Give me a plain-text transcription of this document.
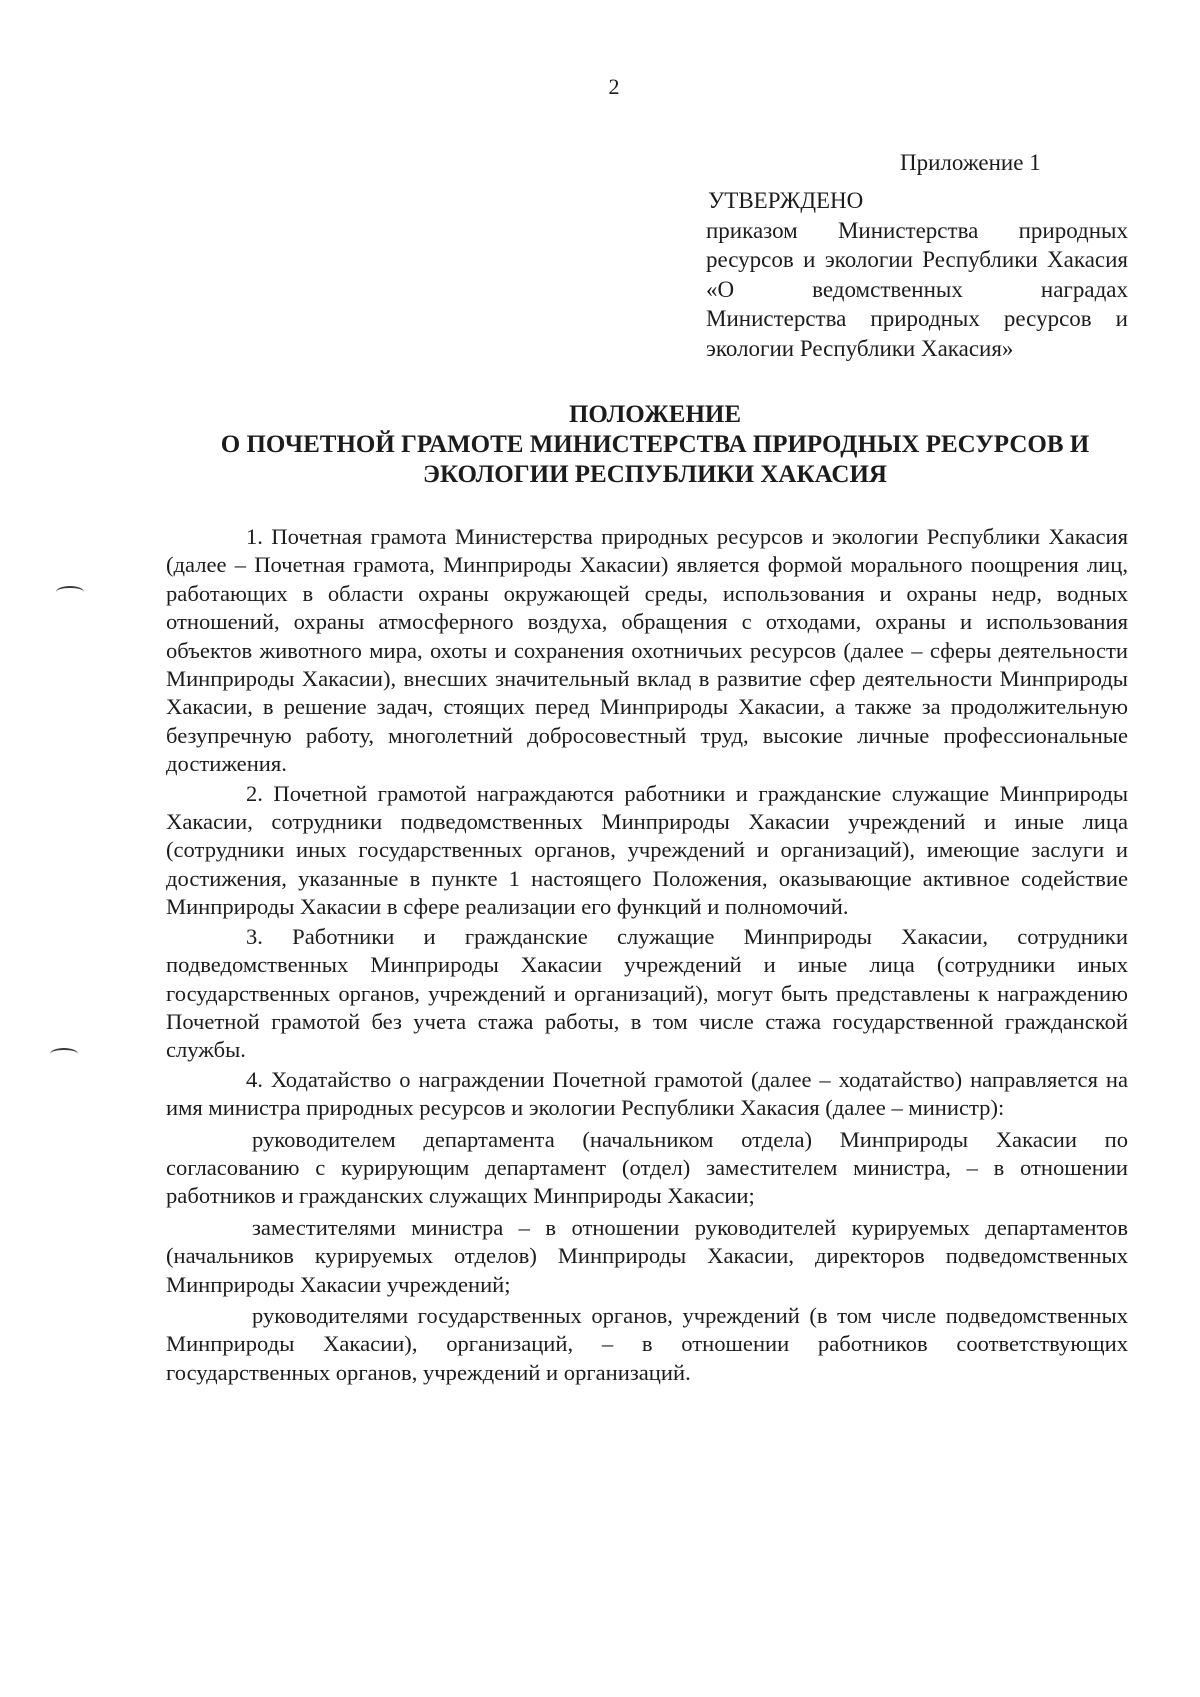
2
Приложение 1
УТВЕРЖДЕНО
приказом Министерства природных ресурсов и экологии Республики Хакасия «О ведомственных наградах Министерства природных ресурсов и экологии Республики Хакасия»
ПОЛОЖЕНИЕ
О ПОЧЕТНОЙ ГРАМОТЕ МИНИСТЕРСТВА ПРИРОДНЫХ РЕСУРСОВ И
ЭКОЛОГИИ РЕСПУБЛИКИ ХАКАСИЯ

1. Почетная грамота Министерства природных ресурсов и экологии Республики Хакасия (далее – Почетная грамота, Минприроды Хакасии) является формой морального поощрения лиц, работающих в области охраны окружающей среды, использования и охраны недр, водных отношений, охраны атмосферного воздуха, обращения с отходами, охраны и использования объектов животного мира, охоты и сохранения охотничьих ресурсов (далее – сферы деятельности Минприроды Хакасии), внесших значительный вклад в развитие сфер деятельности Минприроды Хакасии, в решение задач, стоящих перед Минприроды Хакасии, а также за продолжительную безупречную работу, многолетний добросовестный труд, высокие личные профессиональные достижения.

2. Почетной грамотой награждаются работники и гражданские служащие Минприроды Хакасии, сотрудники подведомственных Минприроды Хакасии учреждений и иные лица (сотрудники иных государственных органов, учреждений и организаций), имеющие заслуги и достижения, указанные в пункте 1 настоящего Положения, оказывающие активное содействие Минприроды Хакасии в сфере реализации его функций и полномочий.

3. Работники и гражданские служащие Минприроды Хакасии, сотрудники подведомственных Минприроды Хакасии учреждений и иные лица (сотрудники иных государственных органов, учреждений и организаций), могут быть представлены к награждению Почетной грамотой без учета стажа работы, в том числе стажа государственной гражданской службы.

4. Ходатайство о награждении Почетной грамотой (далее – ходатайство) направляется на имя министра природных ресурсов и экологии Республики Хакасия (далее – министр):

руководителем департамента (начальником отдела) Минприроды Хакасии по согласованию с курирующим департамент (отдел) заместителем министра, – в отношении работников и гражданских служащих Минприроды Хакасии;

заместителями министра – в отношении руководителей курируемых департаментов (начальников курируемых отделов) Минприроды Хакасии, директоров подведомственных Минприроды Хакасии учреждений;

руководителями государственных органов, учреждений (в том числе подведомственных Минприроды Хакасии), организаций, – в отношении работников соответствующих государственных органов, учреждений и организаций.
